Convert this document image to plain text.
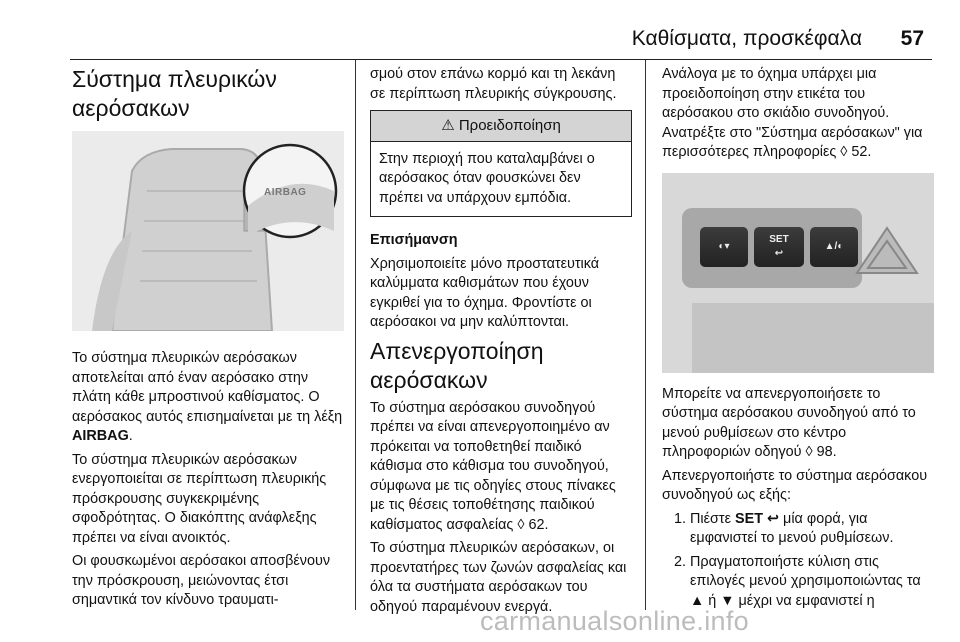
Καθίσματα, προσκέφαλα 57
Σύστημα πλευρικών αερόσακων
AIRBAG

Το σύστημα πλευρικών αερόσακων αποτελείται από έναν αερόσακο στην πλάτη κάθε μπροστινού καθίσματος. Ο αερόσακος αυτός επισημαίνεται με τη λέξη AIRBAG.

Το σύστημα πλευρικών αερόσακων ενεργοποιείται σε περίπτωση πλευρικής πρόσκρουσης συγκεκριμένης σφοδρότητας. Ο διακόπτης ανάφλεξης πρέπει να είναι ανοικτός.

Οι φουσκωμένοι αερόσακοι αποσβένουν την πρόσκρουση, μειώνοντας έτσι σημαντικά τον κίνδυνο τραυματι-

σμού στον επάνω κορμό και τη λεκάνη σε περίπτωση πλευρικής σύγκρουσης.

⚠ Προειδοποίηση
Στην περιοχή που καταλαμβάνει ο αερόσακος όταν φουσκώνει δεν πρέπει να υπάρχουν εμπόδια.

Επισήμανση

Χρησιμοποιείτε μόνο προστατευτικά καλύμματα καθισμάτων που έχουν εγκριθεί για το όχημα. Φροντίστε οι αερόσακοι να μην καλύπτονται.

Απενεργοποίηση αερόσακων

Το σύστημα αερόσακου συνοδηγού πρέπει να είναι απενεργοποιημένο αν πρόκειται να τοποθετηθεί παιδικό κάθισμα στο κάθισμα του συνοδηγού, σύμφωνα με τις οδηγίες στους πίνακες με τις θέσεις τοποθέτησης παιδικού καθίσματος ασφαλείας ◊ 62.

Το σύστημα πλευρικών αερόσακων, οι προεντατήρες των ζωνών ασφαλείας και όλα τα συστήματα αερόσακων του οδηγού παραμένουν ενεργά.

Ανάλογα με το όχημα υπάρχει μια προειδοποίηση στην ετικέτα του αερόσακου στο σκιάδιο συνοδηγού. Ανατρέξτε στο "Σύστημα αερόσακων" για περισσότερες πληροφορίες ◊ 52.

◐▾
SET
↩
▲/◐

Μπορείτε να απενεργοποιήσετε το σύστημα αερόσακου συνοδηγού από το μενού ρυθμίσεων στο κέντρο πληροφοριών οδηγού ◊ 98.

Απενεργοποιήστε το σύστημα αερόσακου συνοδηγού ως εξής:

1. Πιέστε SET ↩ μία φορά, για εμφανιστεί το μενού ρυθμίσεων.
2. Πραγματοποιήστε κύλιση στις επιλογές μενού χρησιμοποιώντας τα ▲ ή ▼ μέχρι να εμφανιστεί η
carmanualsonline.info
